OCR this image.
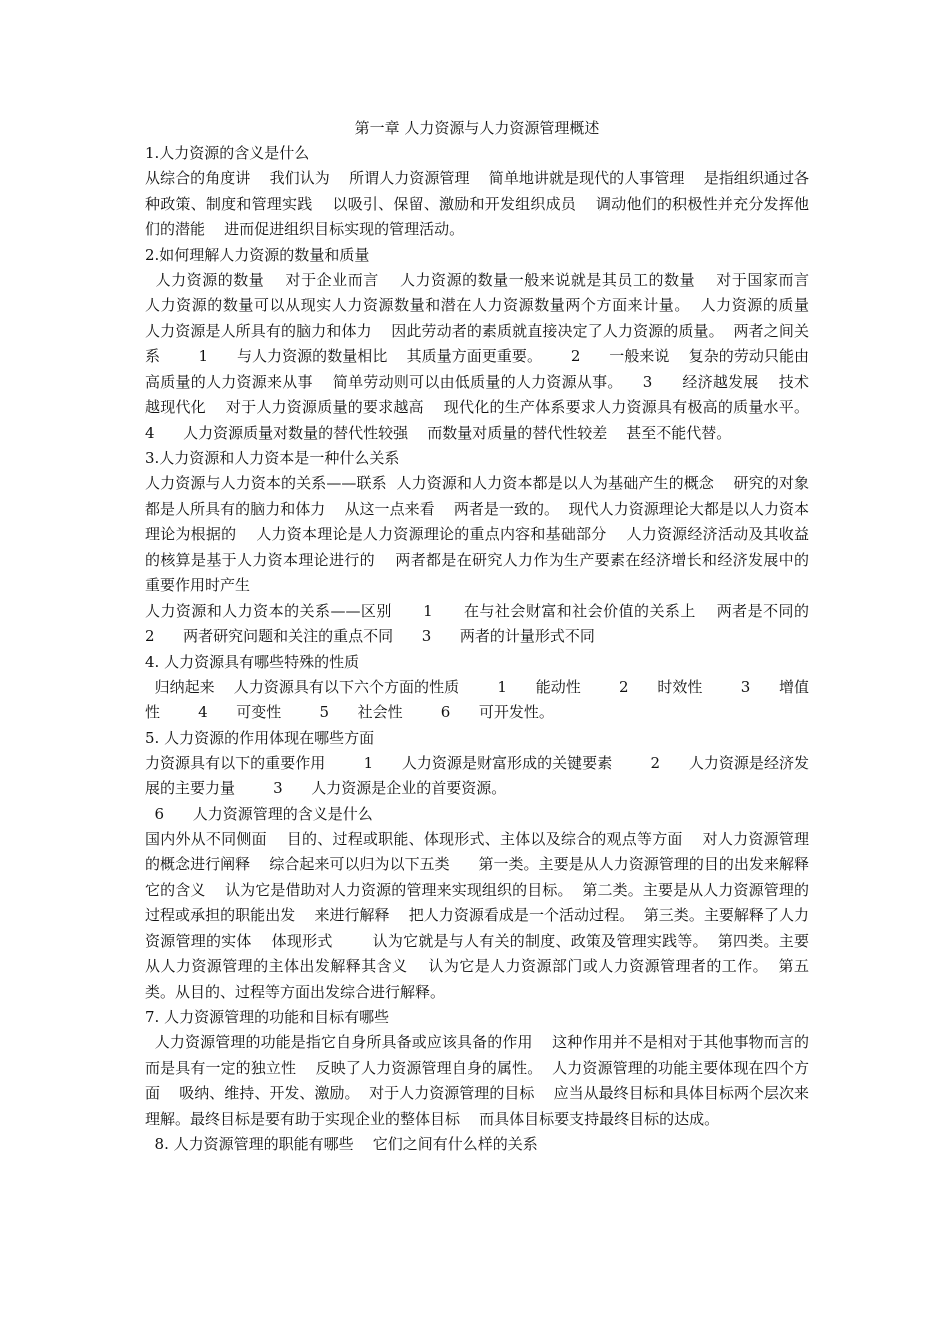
第一章 人力资源与人力资源管理概述

1.人力资源的含义是什么

从综合的角度讲    我们认为    所谓人力资源管理    简单地讲就是现代的人事管理    是指组织通过各种政策、制度和管理实践    以吸引、保留、激励和开发组织成员    调动他们的积极性并充分发挥他们的潜能    进而促进组织目标实现的管理活动。

2.如何理解人力资源的数量和质量

人力资源的数量    对于企业而言    人力资源的数量一般来说就是其员工的数量    对于国家而言    人力资源的数量可以从现实人力资源数量和潜在人力资源数量两个方面来计量。  人力资源的质量    人力资源是人所具有的脑力和体力    因此劳动者的素质就直接决定了人力资源的质量。  两者之间关系        1      与人力资源的数量相比    其质量方面更重要。      2      一般来说    复杂的劳动只能由高质量的人力资源来从事    简单劳动则可以由低质量的人力资源从事。    3      经济越发展    技术越现代化    对于人力资源质量的要求越高    现代化的生产体系要求人力资源具有极高的质量水平。    4      人力资源质量对数量的替代性较强    而数量对质量的替代性较差    甚至不能代替。

3.人力资源和人力资本是一种什么关系

人力资源与人力资本的关系——联系  人力资源和人力资本都是以人为基础产生的概念    研究的对象都是人所具有的脑力和体力    从这一点来看    两者是一致的。  现代人力资源理论大都是以人力资本理论为根据的    人力资本理论是人力资源理论的重点内容和基础部分    人力资源经济活动及其收益的核算是基于人力资本理论进行的    两者都是在研究人力作为生产要素在经济增长和经济发展中的重要作用时产生

人力资源和人力资本的关系——区别      1      在与社会财富和社会价值的关系上    两者是不同的        2      两者研究问题和关注的重点不同      3      两者的计量形式不同

4. 人力资源具有哪些特殊的性质

归纳起来    人力资源具有以下六个方面的性质        1      能动性        2      时效性        3      增值性        4      可变性        5      社会性        6      可开发性。

5. 人力资源的作用体现在哪些方面

力资源具有以下的重要作用        1      人力资源是财富形成的关键要素        2      人力资源是经济发展的主要力量        3      人力资源是企业的首要资源。

6      人力资源管理的含义是什么

国内外从不同侧面    目的、过程或职能、体现形式、主体以及综合的观点等方面    对人力资源管理的概念进行阐释    综合起来可以归为以下五类      第一类。主要是从人力资源管理的目的出发来解释它的含义    认为它是借助对人力资源的管理来实现组织的目标。  第二类。主要是从人力资源管理的过程或承担的职能出发    来进行解释    把人力资源看成是一个活动过程。  第三类。主要解释了人力资源管理的实体    体现形式        认为它就是与人有关的制度、政策及管理实践等。  第四类。主要从人力资源管理的主体出发解释其含义    认为它是人力资源部门或人力资源管理者的工作。  第五类。从目的、过程等方面出发综合进行解释。

7. 人力资源管理的功能和目标有哪些

人力资源管理的功能是指它自身所具备或应该具备的作用    这种作用并不是相对于其他事物而言的    而是具有一定的独立性    反映了人力资源管理自身的属性。  人力资源管理的功能主要体现在四个方面    吸纳、维持、开发、激励。  对于人力资源管理的目标    应当从最终目标和具体目标两个层次来理解。最终目标是要有助于实现企业的整体目标    而具体目标要支持最终目标的达成。

8. 人力资源管理的职能有哪些    它们之间有什么样的关系
